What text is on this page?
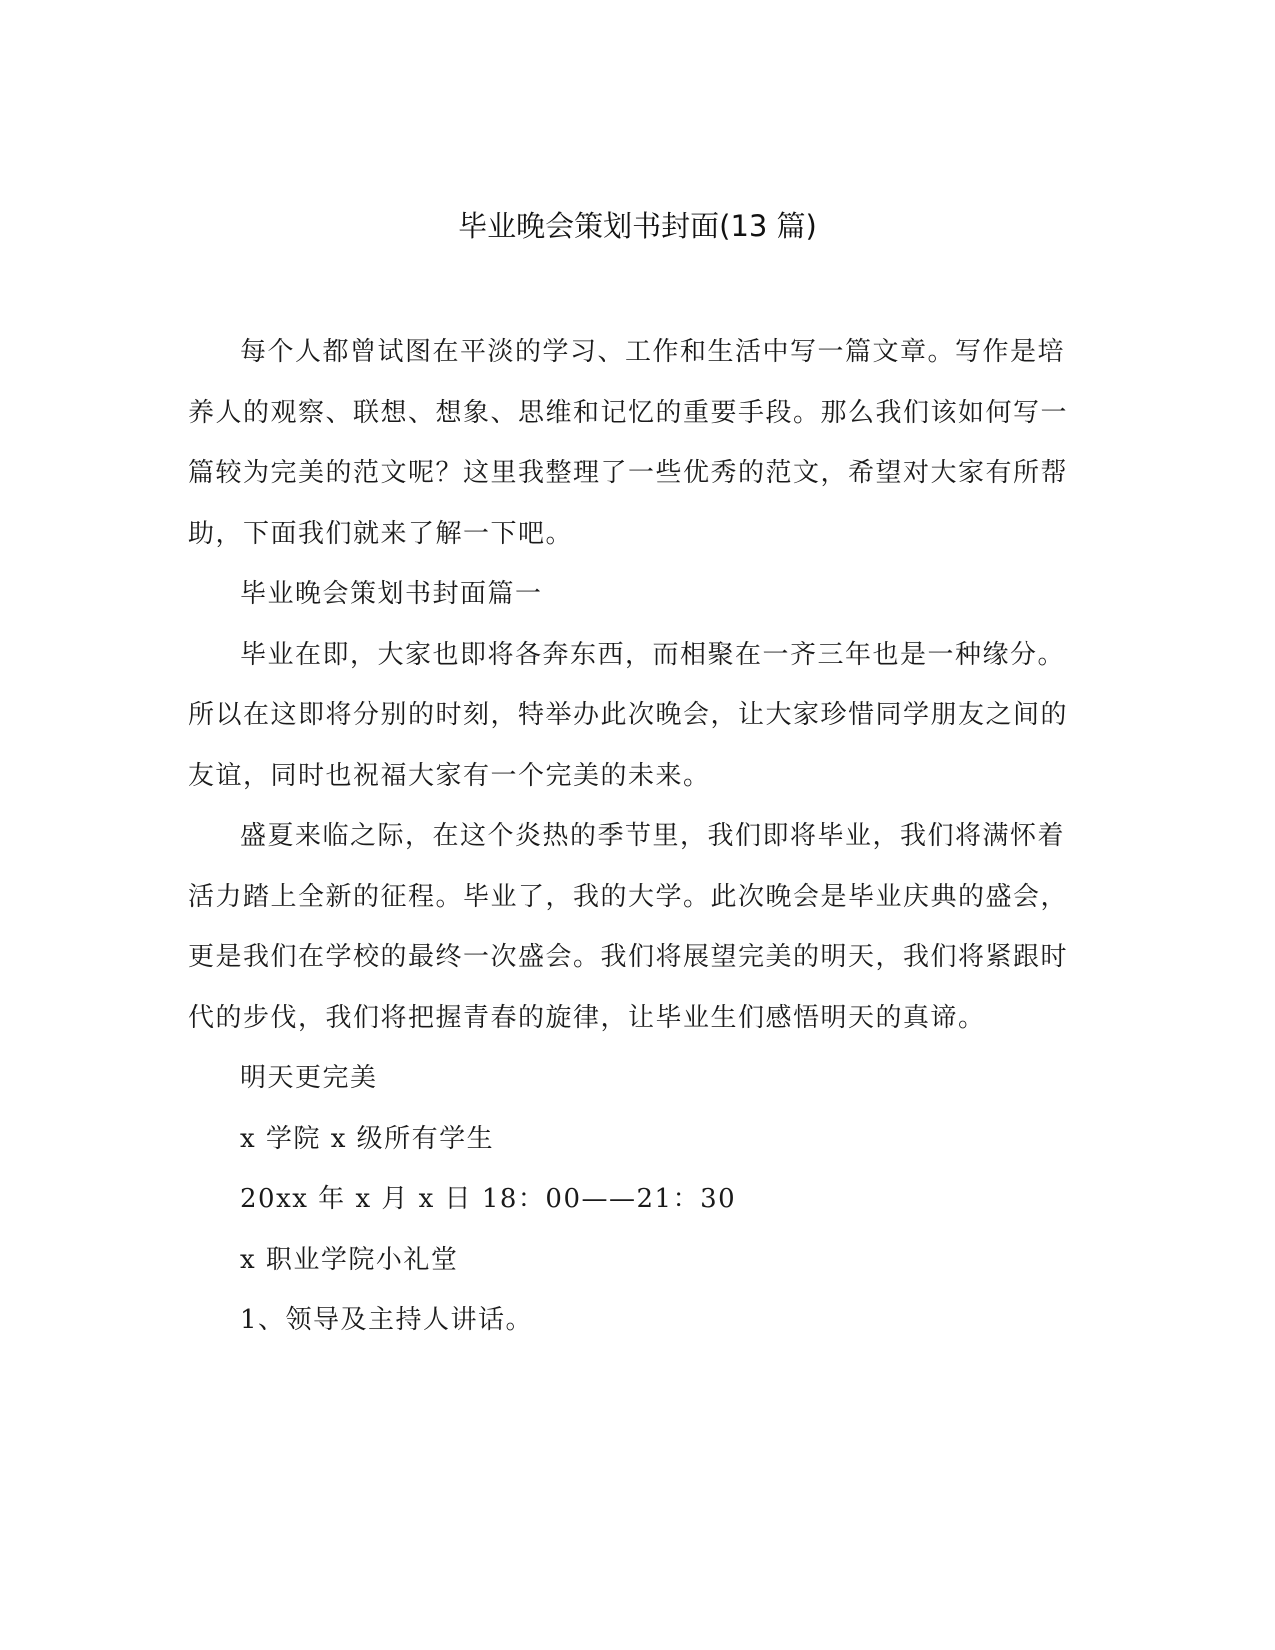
毕业晚会策划书封面(13 篇)

每个人都曾试图在平淡的学习、工作和生活中写一篇文章。写作是培养人的观察、联想、想象、思维和记忆的重要手段。那么我们该如何写一篇较为完美的范文呢？这里我整理了一些优秀的范文，希望对大家有所帮助，下面我们就来了解一下吧。

毕业晚会策划书封面篇一

毕业在即，大家也即将各奔东西，而相聚在一齐三年也是一种缘分。所以在这即将分别的时刻，特举办此次晚会，让大家珍惜同学朋友之间的友谊，同时也祝福大家有一个完美的未来。

盛夏来临之际，在这个炎热的季节里，我们即将毕业，我们将满怀着活力踏上全新的征程。毕业了，我的大学。此次晚会是毕业庆典的盛会，更是我们在学校的最终一次盛会。我们将展望完美的明天，我们将紧跟时代的步伐，我们将把握青春的旋律，让毕业生们感悟明天的真谛。

明天更完美

x 学院 x 级所有学生

20xx 年 x 月 x 日 18：00——21：30

x 职业学院小礼堂

1、领导及主持人讲话。
